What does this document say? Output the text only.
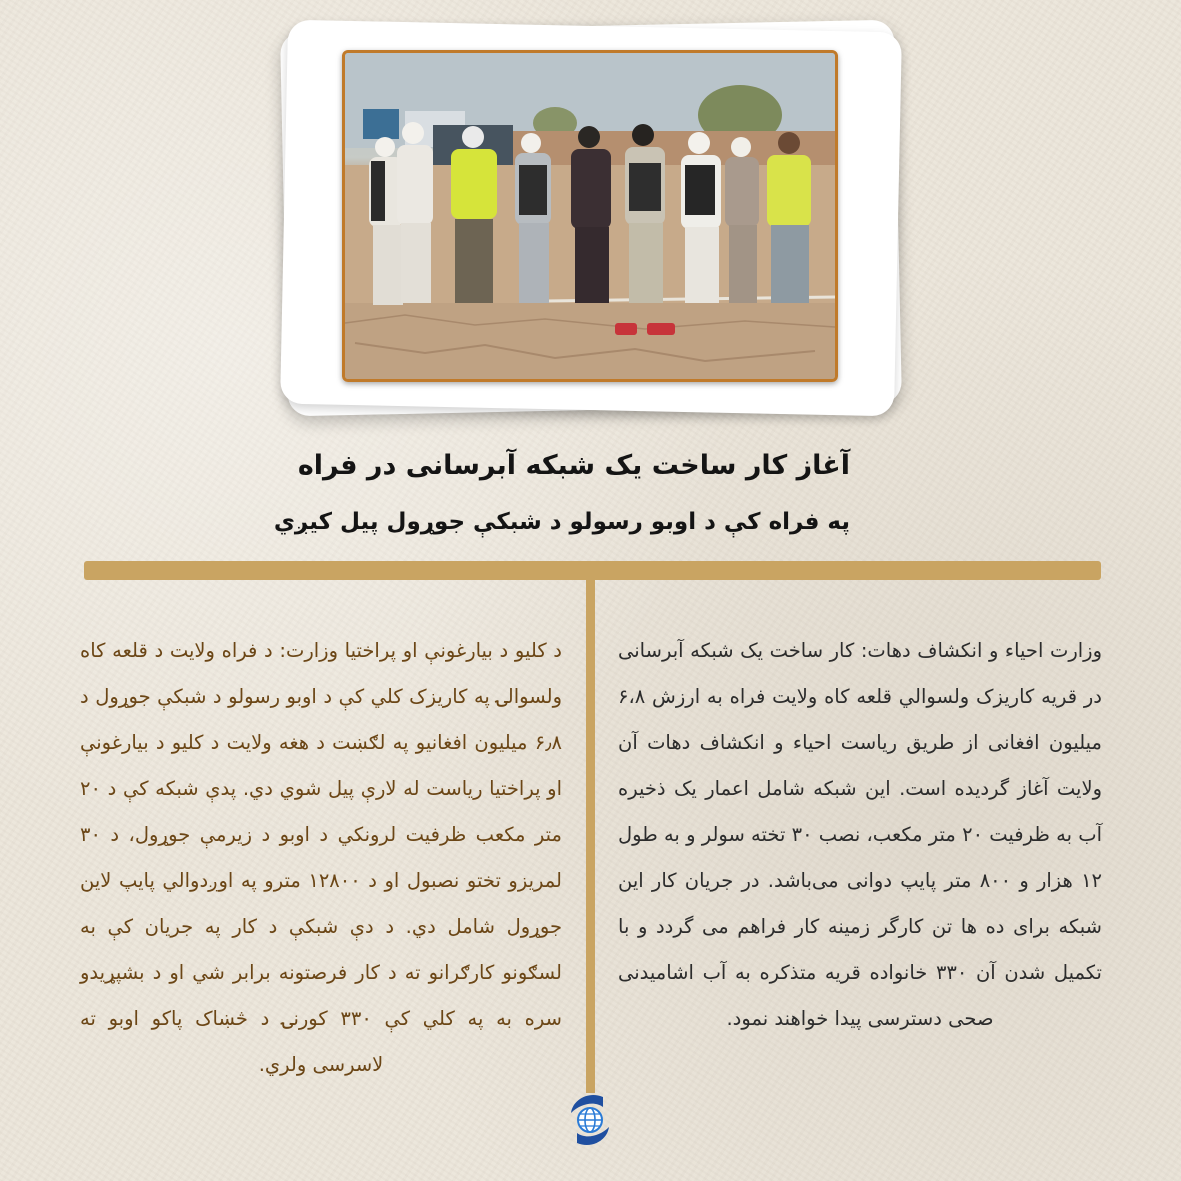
آغاز کار ساخت یک شبکه آبرسانی در فراه
په فراه کې د اوبو رسولو د شبکې جوړول پیل کیږي

وزارت احیاء و انکشاف دهات: کار ساخت یک شبکه آبرسانی در قریه کاریزک ولسوالي قلعه کاه ولایت فراه به ارزش ۶،۸ میلیون افغانی از طریق ریاست احیاء و انکشاف دهات آن ولایت آغاز گردیده است. این شبکه شامل اعمار یک ذخیره آب به ظرفیت ۲۰ متر مکعب، نصب ۳۰ تخته سولر و به طول ۱۲ هزار و ۸۰۰ متر پایپ دوانی می‌باشد. در جریان کار این شبکه برای ده ها تن کارگر زمینه کار فراهم می گردد و با تکمیل شدن آن ۳۳۰ خانواده قریه متذکره به آب اشامیدنی صحی دسترسی پیدا خواهند نمود.

د کلیو د بیارغونې او پراختیا وزارت: د فراه ولایت د قلعه کاه ولسوالۍ په کاریزک کلي کې د اوبو رسولو د شبکې جوړول د ۶٫۸ میلیون افغانیو په لګښت د هغه ولایت د کلیو د بیارغونې او پراختیا ریاست له لارې پیل شوي دي. پدې شبکه کې د ۲۰ متر مکعب ظرفیت لرونکي د اوبو د زیرمې جوړول، د ۳۰ لمریزو تختو نصبول او د ۱۲۸۰۰ مترو په اوږدوالي پایپ لاین جوړول شامل دي. د دې شبکې د کار په جریان کې به لسګونو کارګرانو ته د کار فرصتونه برابر شي او د بشپړیدو سره به په کلي کې ۳۳۰ کورنۍ د څښاک پاکو اوبو ته لاسرسی ولري.
